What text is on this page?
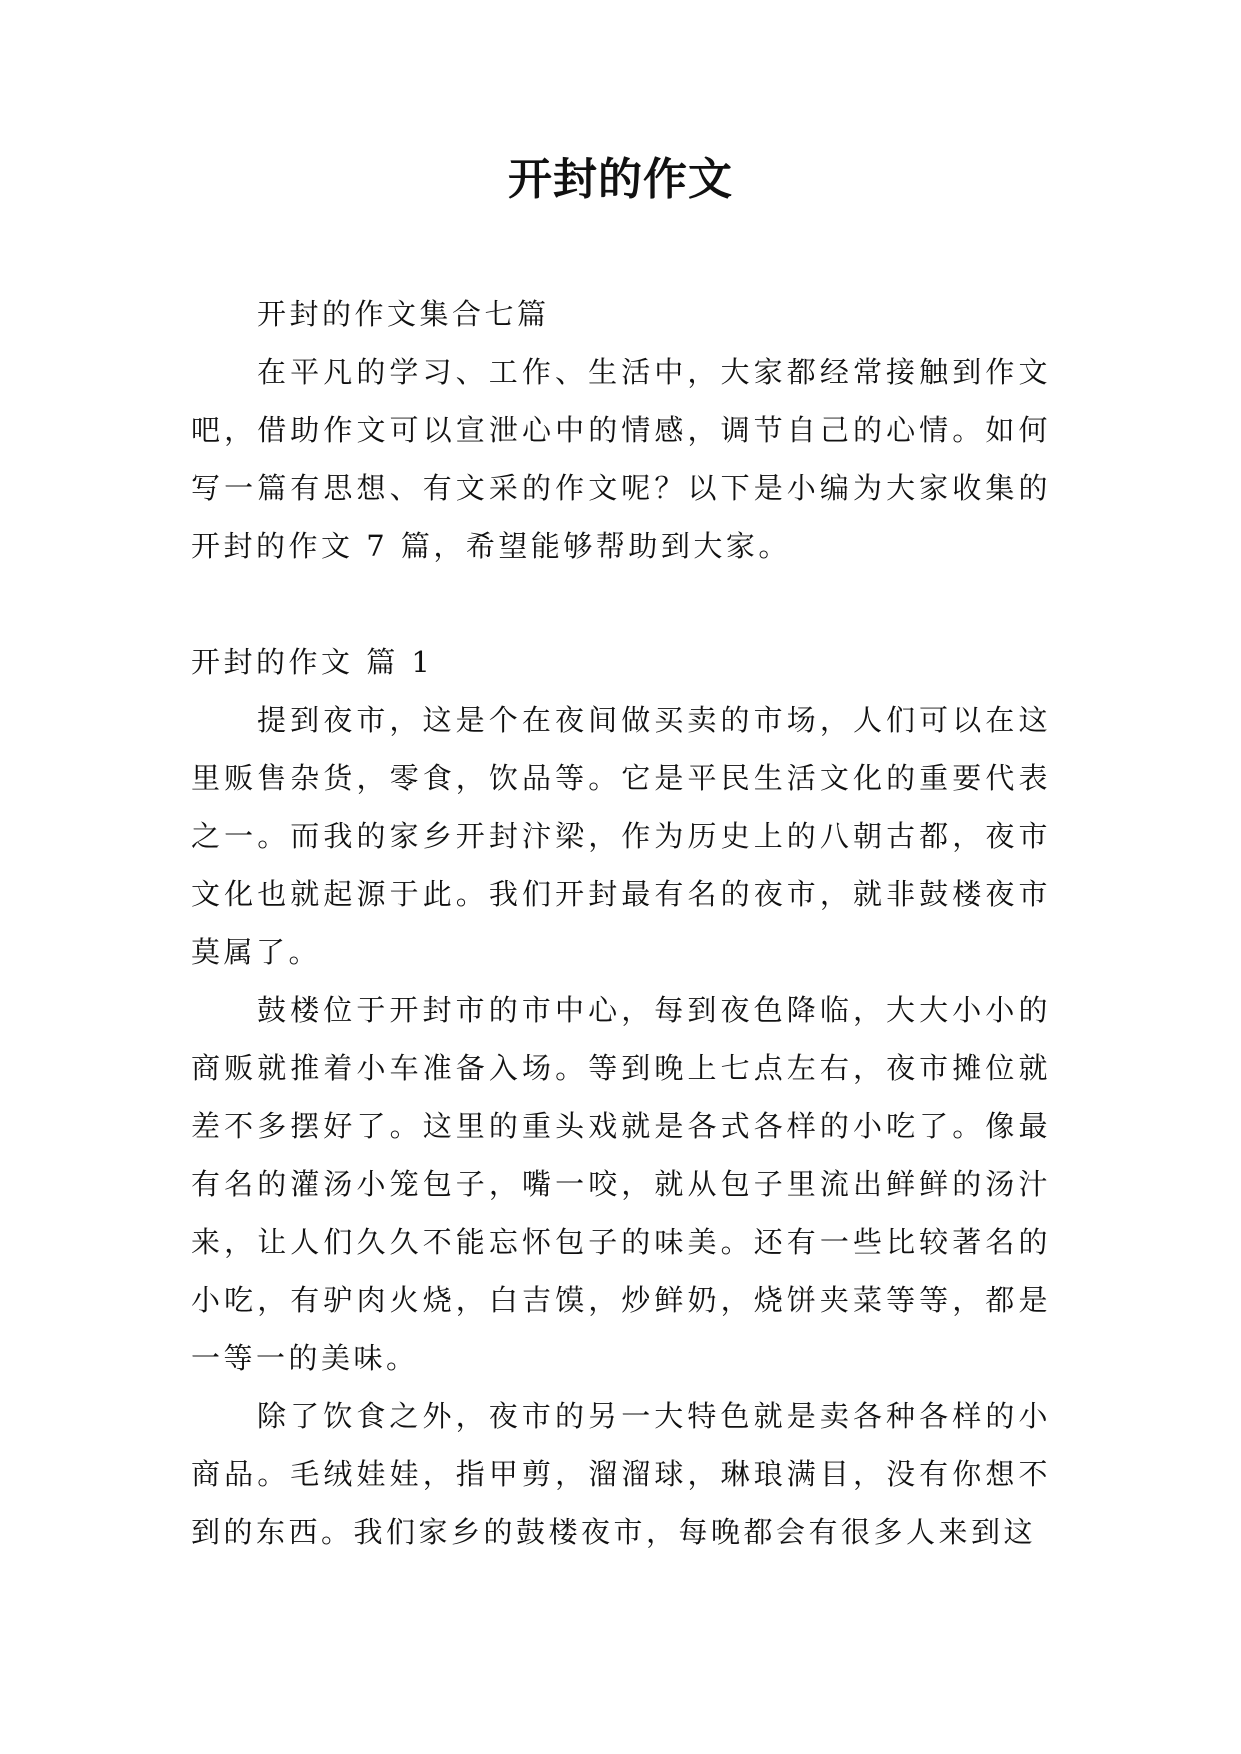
开封的作文

开封的作文集合七篇

在平凡的学习、工作、生活中，大家都经常接触到作文吧，借助作文可以宣泄心中的情感，调节自己的心情。如何写一篇有思想、有文采的作文呢？以下是小编为大家收集的开封的作文 7 篇，希望能够帮助到大家。

开封的作文 篇 1

提到夜市，这是个在夜间做买卖的市场，人们可以在这里贩售杂货，零食，饮品等。它是平民生活文化的重要代表之一。而我的家乡开封汴梁，作为历史上的八朝古都，夜市文化也就起源于此。我们开封最有名的夜市，就非鼓楼夜市莫属了。

鼓楼位于开封市的市中心，每到夜色降临，大大小小的商贩就推着小车准备入场。等到晚上七点左右，夜市摊位就差不多摆好了。这里的重头戏就是各式各样的小吃了。像最有名的灌汤小笼包子，嘴一咬，就从包子里流出鲜鲜的汤汁来，让人们久久不能忘怀包子的味美。还有一些比较著名的小吃，有驴肉火烧，白吉馍，炒鲜奶，烧饼夹菜等等，都是一等一的美味。

除了饮食之外，夜市的另一大特色就是卖各种各样的小商品。毛绒娃娃，指甲剪，溜溜球，琳琅满目，没有你想不到的东西。我们家乡的鼓楼夜市，每晚都会有很多人来到这
